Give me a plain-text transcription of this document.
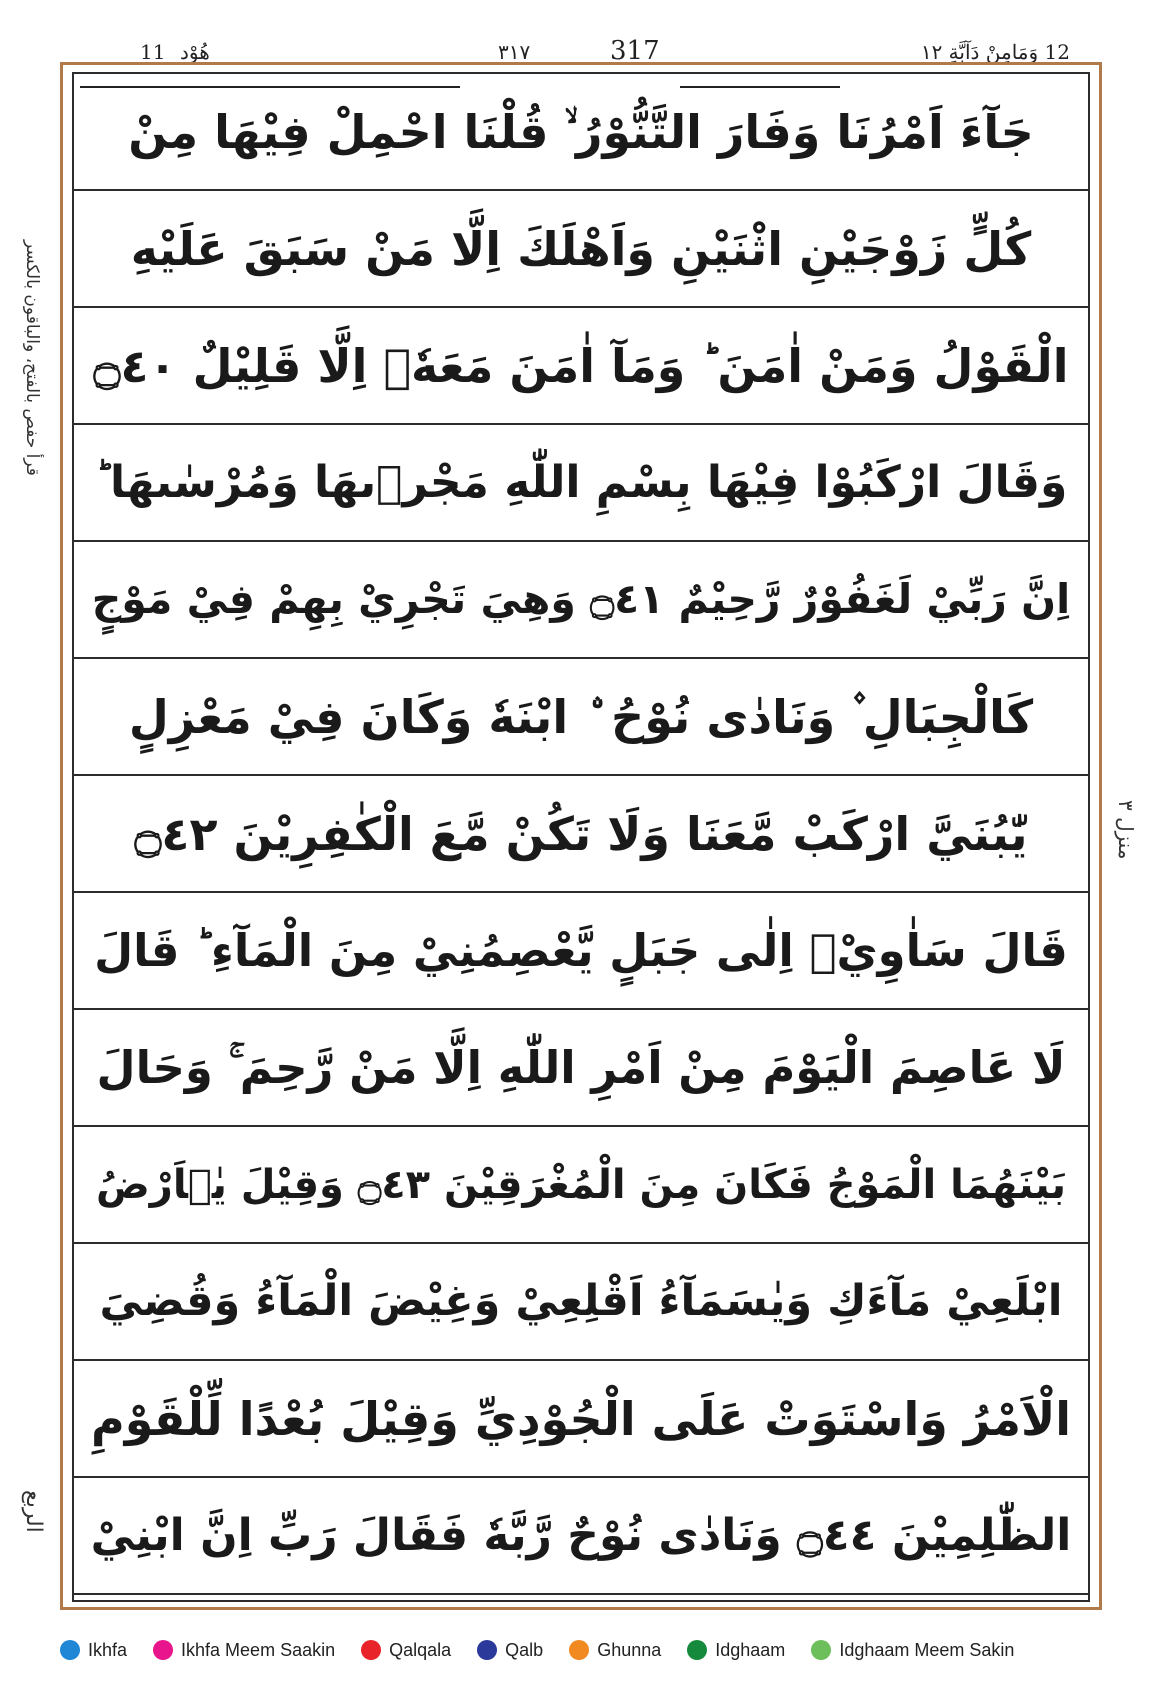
11 هُوْد	٣١٧	317	12 وَمَامِنْ دَآبَّةٍ ١٢
جَآءَ اَمْرُنَا وَفَارَ التَّنُّوْرُ ۙ قُلْنَا احْمِلْ فِيْهَا مِنْ
كُلٍّ زَوْجَيْنِ اثْنَيْنِ وَاَهْلَكَ اِلَّا مَنْ سَبَقَ عَلَيْهِ
الْقَوْلُ وَمَنْ اٰمَنَ ؕ وَمَآ اٰمَنَ مَعَهٗۤ اِلَّا قَلِيْلٌ ۝٤٠
وَقَالَ ارْكَبُوْا فِيْهَا بِسْمِ اللّٰهِ مَجْرٖىهَا وَمُرْسٰىهَا ؕ
اِنَّ رَبِّيْ لَغَفُوْرٌ رَّحِيْمٌ ۝٤١ وَهِيَ تَجْرِيْ بِهِمْ فِيْ مَوْجٍ
كَالْجِبَالِ ۫ وَنَادٰى نُوْحُ ۨ ابْنَهٗ وَكَانَ فِيْ مَعْزِلٍ
يّٰبُنَيَّ ارْكَبْ مَّعَنَا وَلَا تَكُنْ مَّعَ الْكٰفِرِيْنَ ۝٤٢
قَالَ سَاٰوِيْۤ اِلٰى جَبَلٍ يَّعْصِمُنِيْ مِنَ الْمَآءِ ؕ قَالَ
لَا عَاصِمَ الْيَوْمَ مِنْ اَمْرِ اللّٰهِ اِلَّا مَنْ رَّحِمَ ۚ وَحَالَ
بَيْنَهُمَا الْمَوْجُ فَكَانَ مِنَ الْمُغْرَقِيْنَ ۝٤٣ وَقِيْلَ يٰۤاَرْضُ
ابْلَعِيْ مَآءَكِ وَيٰسَمَآءُ اَقْلِعِيْ وَغِيْضَ الْمَآءُ وَقُضِيَ
الْاَمْرُ وَاسْتَوَتْ عَلَى الْجُوْدِيِّ وَقِيْلَ بُعْدًا لِّلْقَوْمِ
الظّٰلِمِيْنَ ۝٤٤ وَنَادٰى نُوْحٌ رَّبَّهٗ فَقَالَ رَبِّ اِنَّ ابْنِيْ
قرأ حفص بالفتح، والباقون بالكسر
الربع
منزل ٣
Ikhfa	Ikhfa Meem Saakin	Qalqala	Qalb	Ghunna	Idghaam	Idghaam Meem Sakin
